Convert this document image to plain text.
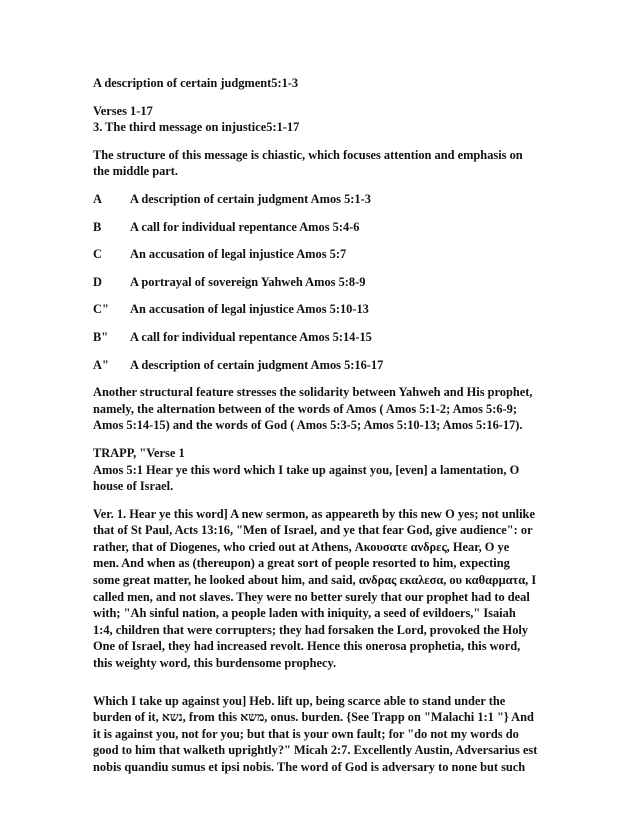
A description of certain judgment5:1-3
Verses 1-17
3. The third message on injustice5:1-17
The structure of this message is chiastic, which focuses attention and emphasis on
the middle part.
A	A description of certain judgment Amos 5:1-3
B	A call for individual repentance Amos 5:4-6
C	An accusation of legal injustice Amos 5:7
D	A portrayal of sovereign Yahweh Amos 5:8-9
C"	An accusation of legal injustice Amos 5:10-13
B"	A call for individual repentance Amos 5:14-15
A"	A description of certain judgment Amos 5:16-17
Another structural feature stresses the solidarity between Yahweh and His prophet,
namely, the alternation between of the words of Amos ( Amos 5:1-2; Amos 5:6-9;
Amos 5:14-15) and the words of God ( Amos 5:3-5; Amos 5:10-13; Amos 5:16-17).
TRAPP, "Verse 1
Amos 5:1 Hear ye this word which I take up against you, [even] a lamentation, O
house of Israel.
Ver. 1. Hear ye this word] A new sermon, as appeareth by this new O yes; not unlike
that of St Paul, Acts 13:16, "Men of Israel, and ye that fear God, give audience": or
rather, that of Diogenes, who cried out at Athens, Ακουσατε ανδρες, Hear, O ye
men. And when as (thereupon) a great sort of people resorted to him, expecting
some great matter, he looked about him, and said, ανδρας εκαλεσα, ου καθαρματα, I
called men, and not slaves. They were no better surely that our prophet had to deal
with; "Ah sinful nation, a people laden with iniquity, a seed of evildoers," Isaiah
1:4, children that were corrupters; they had forsaken the Lord, provoked the Holy
One of Israel, they had increased revolt. Hence this onerosa prophetia, this word,
this weighty word, this burdensome prophecy.
Which I take up against you] Heb. lift up, being scarce able to stand under the
burden of it, נשא, from this משא, onus. burden. {See Trapp on "Malachi 1:1 "} And
it is against you, not for you; but that is your own fault; for "do not my words do
good to him that walketh uprightly?" Micah 2:7. Excellently Austin, Adversarius est
nobis quandiu sumus et ipsi nobis. The word of God is adversary to none but such
